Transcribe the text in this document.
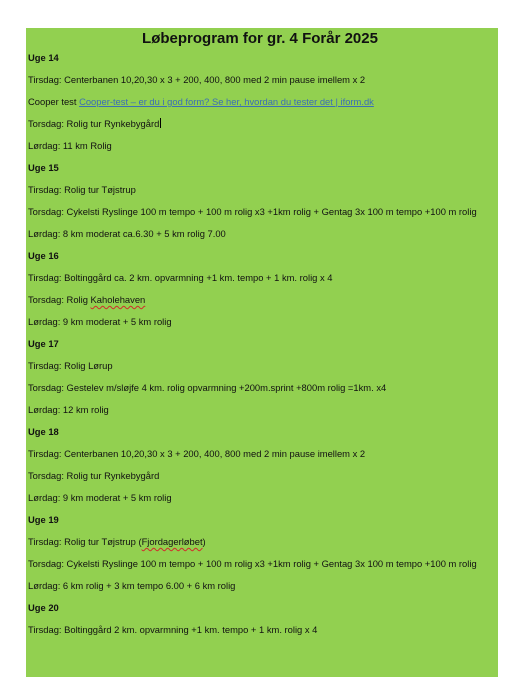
Løbeprogram for gr. 4 Forår 2025
Uge 14
Tirsdag: Centerbanen 10,20,30 x 3 + 200, 400, 800 med 2 min pause imellem x 2
Cooper test Cooper-test – er du i god form? Se her, hvordan du tester det | iform.dk
Torsdag: Rolig tur Rynkebygård
Lørdag: 11 km Rolig
Uge 15
Tirsdag: Rolig tur Tøjstrup
Torsdag: Cykelsti Ryslinge 100 m tempo + 100 m rolig x3 +1km rolig + Gentag 3x 100 m tempo +100 m rolig
Lørdag: 8 km moderat ca.6.30 + 5 km rolig 7.00
Uge 16
Tirsdag: Boltinggård ca. 2 km. opvarmning +1 km. tempo + 1 km. rolig x 4
Torsdag: Rolig Kaholehaven
Lørdag: 9 km moderat + 5 km rolig
Uge 17
Tirsdag: Rolig Lørup
Torsdag: Gestelev m/sløjfe 4 km. rolig opvarmning +200m.sprint +800m rolig =1km. x4
Lørdag: 12 km rolig
Uge 18
Tirsdag: Centerbanen 10,20,30 x 3 + 200, 400, 800 med 2 min pause imellem x 2
Torsdag: Rolig tur Rynkebygård
Lørdag: 9 km moderat + 5 km rolig
Uge 19
Tirsdag: Rolig tur Tøjstrup (Fjordagerløbet)
Torsdag: Cykelsti Ryslinge 100 m tempo + 100 m rolig x3 +1km rolig + Gentag 3x 100 m tempo +100 m rolig
Lørdag: 6 km rolig + 3 km tempo 6.00 + 6 km rolig
Uge 20
Tirsdag: Boltinggård 2 km. opvarmning +1 km. tempo + 1 km. rolig x 4
